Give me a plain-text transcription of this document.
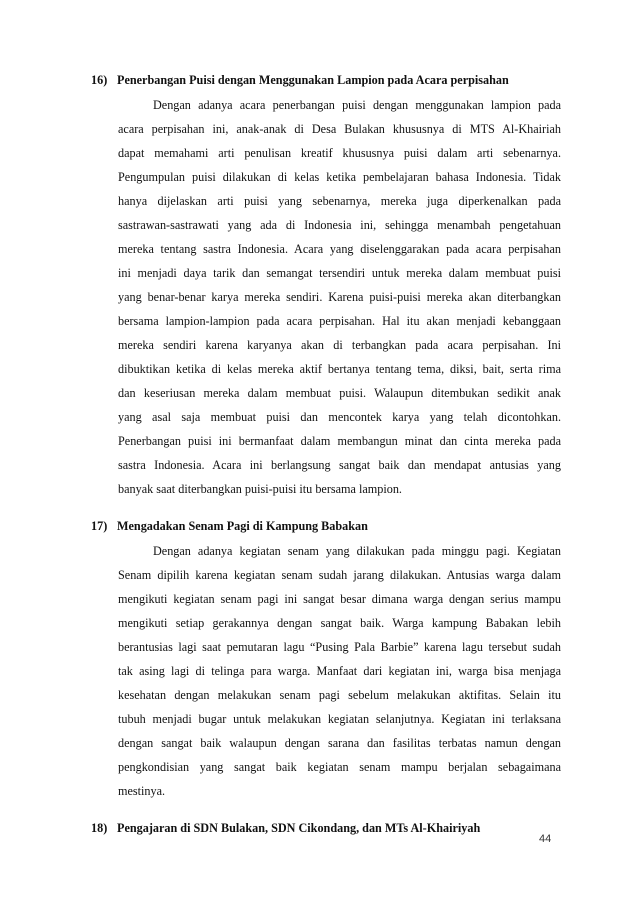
16) Penerbangan Puisi dengan Menggunakan Lampion pada Acara perpisahan
Dengan adanya acara penerbangan puisi dengan menggunakan lampion pada
acara perpisahan ini, anak-anak di Desa Bulakan khususnya di MTS Al-Khairiah
dapat memahami arti penulisan kreatif khususnya puisi dalam arti sebenarnya.
Pengumpulan puisi dilakukan di kelas ketika pembelajaran bahasa Indonesia. Tidak
hanya dijelaskan arti puisi yang sebenarnya, mereka juga diperkenalkan pada
sastrawan-sastrawati yang ada di Indonesia ini, sehingga menambah pengetahuan
mereka tentang sastra Indonesia. Acara yang diselenggarakan pada acara perpisahan
ini menjadi daya tarik dan semangat tersendiri untuk mereka dalam membuat puisi
yang benar-benar karya mereka sendiri. Karena puisi-puisi mereka akan diterbangkan
bersama lampion-lampion pada acara perpisahan. Hal itu akan menjadi kebanggaan
mereka sendiri karena karyanya akan di terbangkan pada acara perpisahan. Ini
dibuktikan ketika di kelas mereka aktif bertanya tentang tema, diksi, bait, serta rima
dan keseriusan mereka dalam membuat puisi. Walaupun ditembukan sedikit anak
yang asal saja membuat puisi dan mencontek karya yang telah dicontohkan.
Penerbangan puisi ini bermanfaat dalam membangun minat dan cinta mereka pada
sastra Indonesia. Acara ini berlangsung sangat baik dan mendapat antusias yang
banyak saat diterbangkan puisi-puisi itu bersama lampion.
17) Mengadakan Senam Pagi di Kampung Babakan
Dengan adanya kegiatan senam yang dilakukan pada minggu pagi. Kegiatan
Senam dipilih karena kegiatan senam sudah jarang dilakukan. Antusias warga dalam
mengikuti kegiatan senam pagi ini sangat besar dimana warga dengan serius mampu
mengikuti setiap gerakannya dengan sangat baik. Warga kampung Babakan lebih
berantusias lagi saat pemutaran lagu “Pusing Pala Barbie” karena lagu tersebut sudah
tak asing lagi di telinga para warga. Manfaat dari kegiatan ini, warga bisa menjaga
kesehatan dengan melakukan senam pagi sebelum melakukan aktifitas. Selain itu
tubuh menjadi bugar untuk melakukan kegiatan selanjutnya. Kegiatan ini terlaksana
dengan sangat baik walaupun dengan sarana dan fasilitas terbatas namun dengan
pengkondisian yang sangat baik kegiatan senam mampu berjalan sebagaimana
mestinya.
18) Pengajaran di SDN Bulakan, SDN Cikondang, dan MTs Al-Khairiyah
44
